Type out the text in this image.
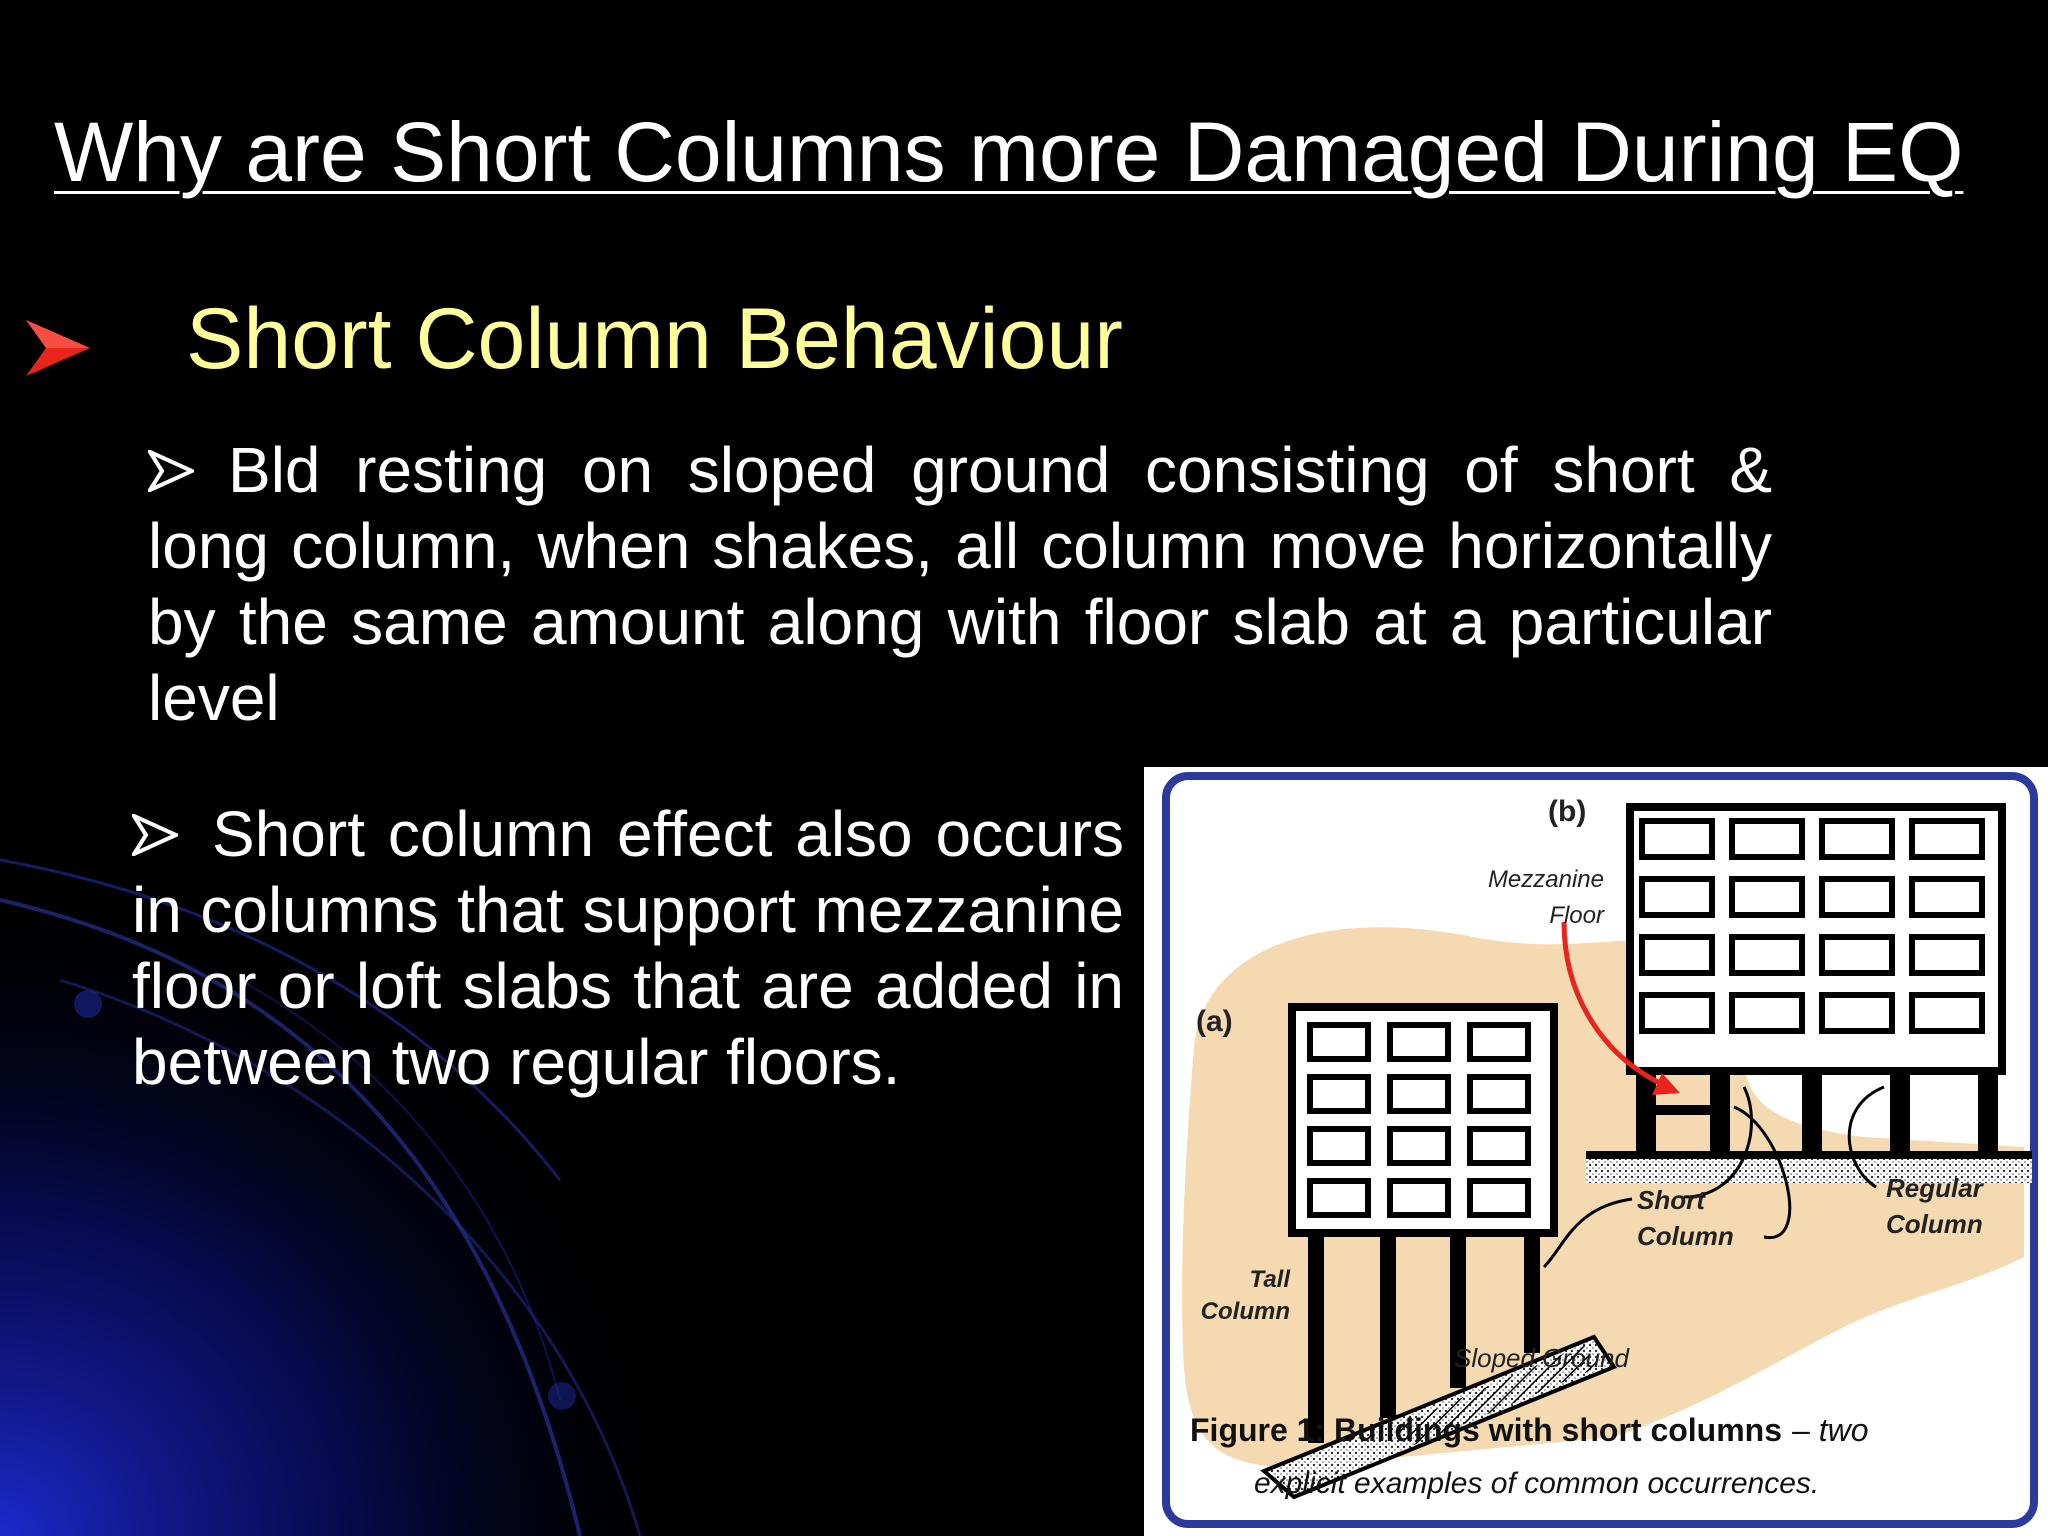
Why are Short Columns more Damaged During EQ
Short Column Behaviour

Bld resting on sloped ground consisting of short & long column, when shakes, all column move horizontally by the same amount along with floor slab at a particular level

Short column effect also occurs in columns that support mezzanine floor or loft slabs that are added in between two regular floors.

(b)
(a)
Mezzanine
Floor
Tall
Column
Short
Column
Regular
Column
Sloped Ground
Figure 1: Buildings with short columns – two
explicit examples of common occurrences.
